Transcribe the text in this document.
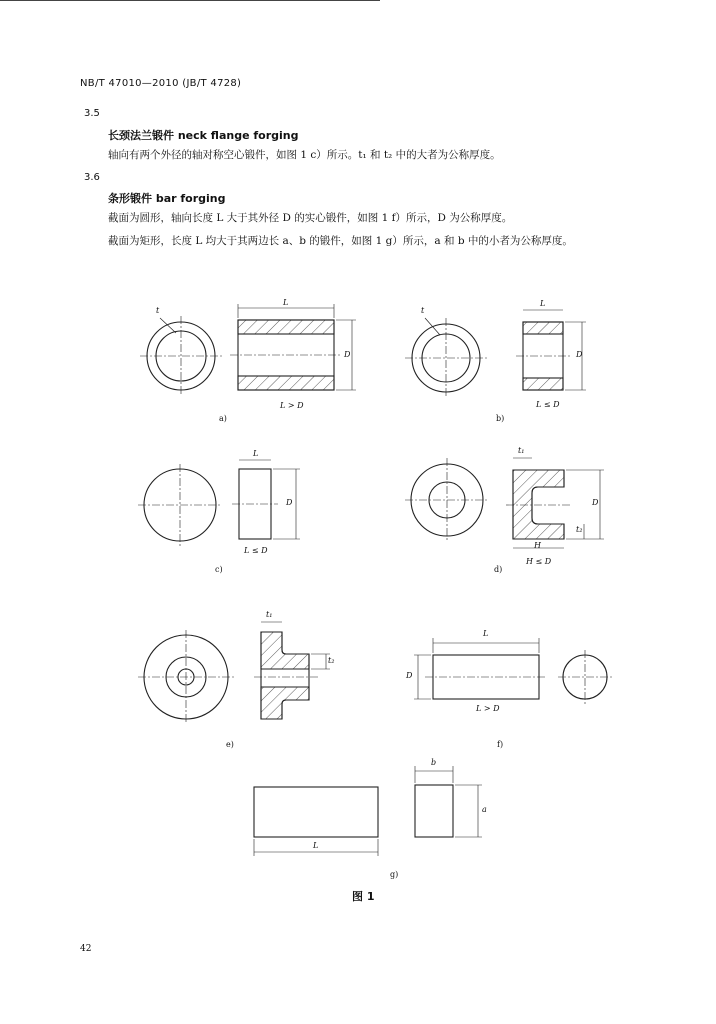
NB/T 47010—2010 (JB/T 4728)
3.5
长颈法兰锻件 neck flange forging
轴向有两个外径的轴对称空心锻件，如图 1 c）所示。t₁ 和 t₂ 中的大者为公称厚度。
3.6
条形锻件 bar forging
截面为圆形，轴向长度 L 大于其外径 D 的实心锻件，如图 1 f）所示，D 为公称厚度。
截面为矩形，长度 L 均大于其两边长 a、b 的锻件，如图 1 g）所示，a 和 b 中的小者为公称厚度。
t
L
D
L > D
a)
t
L
D
L ≤ D
b)
L
D
L ≤ D
c)
t₁
t₂
H
D
H ≤ D
d)
t₁
t₂
e)
L
D
L > D
f)
b
a
L
g)
图 1
42
